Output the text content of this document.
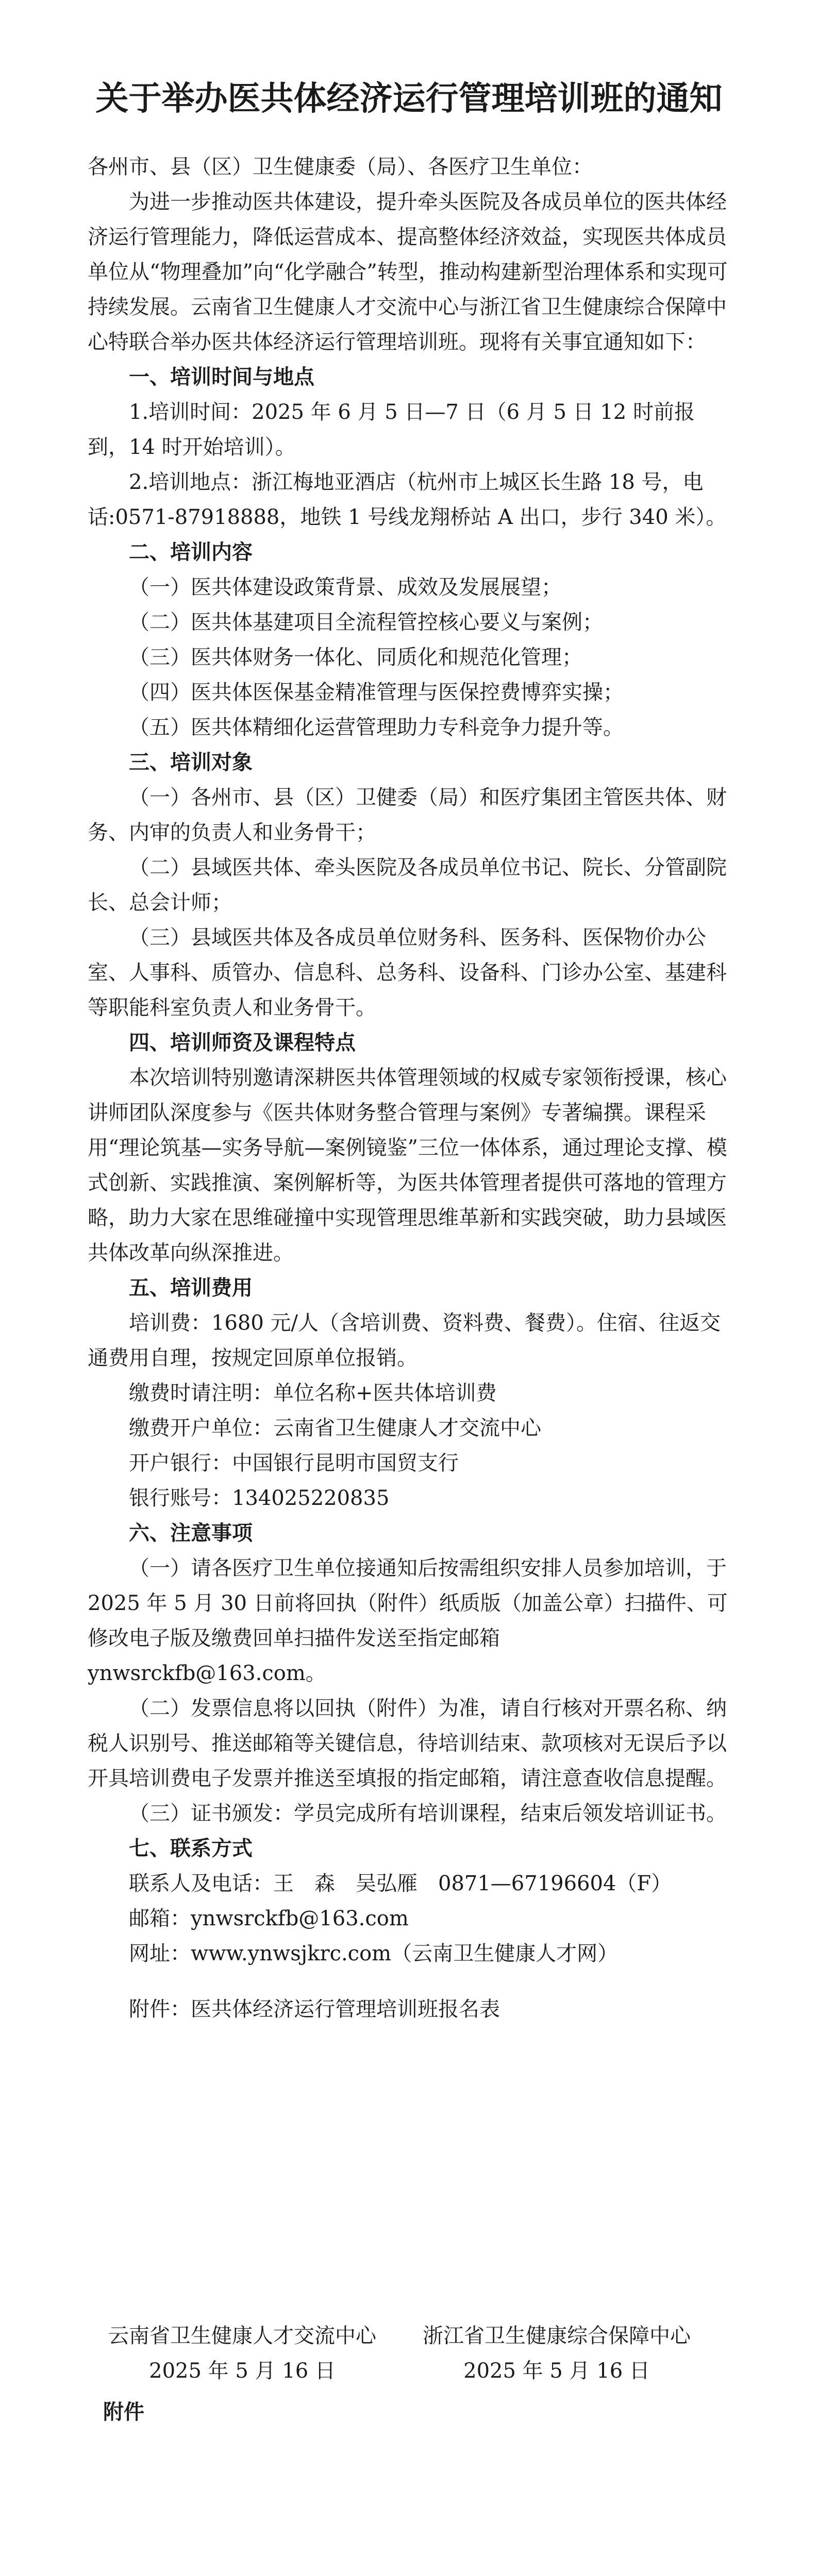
关于举办医共体经济运行管理培训班的通知

各州市、县（区）卫生健康委（局）、各医疗卫生单位：

为进一步推动医共体建设，提升牵头医院及各成员单位的医共体经济运行管理能力，降低运营成本、提高整体经济效益，实现医共体成员单位从“物理叠加”向“化学融合”转型，推动构建新型治理体系和实现可持续发展。云南省卫生健康人才交流中心与浙江省卫生健康综合保障中心特联合举办医共体经济运行管理培训班。现将有关事宜通知如下：

一、培训时间与地点

1.培训时间：2025 年 6 月 5 日—7 日（6 月 5 日 12 时前报到，14 时开始培训）。

2.培训地点：浙江梅地亚酒店（杭州市上城区长生路 18 号，电话:0571-87918888，地铁 1 号线龙翔桥站 A 出口，步行 340 米）。

二、培训内容

（一）医共体建设政策背景、成效及发展展望；

（二）医共体基建项目全流程管控核心要义与案例；

（三）医共体财务一体化、同质化和规范化管理；

（四）医共体医保基金精准管理与医保控费博弈实操；

（五）医共体精细化运营管理助力专科竞争力提升等。

三、培训对象

（一）各州市、县（区）卫健委（局）和医疗集团主管医共体、财务、内审的负责人和业务骨干；

（二）县域医共体、牵头医院及各成员单位书记、院长、分管副院长、总会计师；

（三）县域医共体及各成员单位财务科、医务科、医保物价办公室、人事科、质管办、信息科、总务科、设备科、门诊办公室、基建科等职能科室负责人和业务骨干。

四、培训师资及课程特点

本次培训特别邀请深耕医共体管理领域的权威专家领衔授课，核心讲师团队深度参与《医共体财务整合管理与案例》专著编撰。课程采用“理论筑基—实务导航—案例镜鉴”三位一体体系，通过理论支撑、模式创新、实践推演、案例解析等，为医共体管理者提供可落地的管理方略，助力大家在思维碰撞中实现管理思维革新和实践突破，助力县域医共体改革向纵深推进。

五、培训费用

培训费：1680 元/人（含培训费、资料费、餐费）。住宿、往返交通费用自理，按规定回原单位报销。

缴费时请注明：单位名称+医共体培训费

缴费开户单位：云南省卫生健康人才交流中心

开户银行：中国银行昆明市国贸支行

银行账号：134025220835

六、注意事项

（一）请各医疗卫生单位接通知后按需组织安排人员参加培训，于 2025 年 5 月 30 日前将回执（附件）纸质版（加盖公章）扫描件、可修改电子版及缴费回单扫描件发送至指定邮箱 ynwsrckfb@163.com。

（二）发票信息将以回执（附件）为准，请自行核对开票名称、纳税人识别号、推送邮箱等关键信息，待培训结束、款项核对无误后予以开具培训费电子发票并推送至填报的指定邮箱，请注意查收信息提醒。

（三）证书颁发：学员完成所有培训课程，结束后领发培训证书。

七、联系方式

联系人及电话：王　森　吴弘雁　0871—67196604（F）

邮箱：ynwsrckfb@163.com

网址：www.ynwsjkrc.com（云南卫生健康人才网）

附件：医共体经济运行管理培训班报名表

云南省卫生健康人才交流中心
2025 年 5 月 16 日
浙江省卫生健康综合保障中心
2025 年 5 月 16 日
附件
